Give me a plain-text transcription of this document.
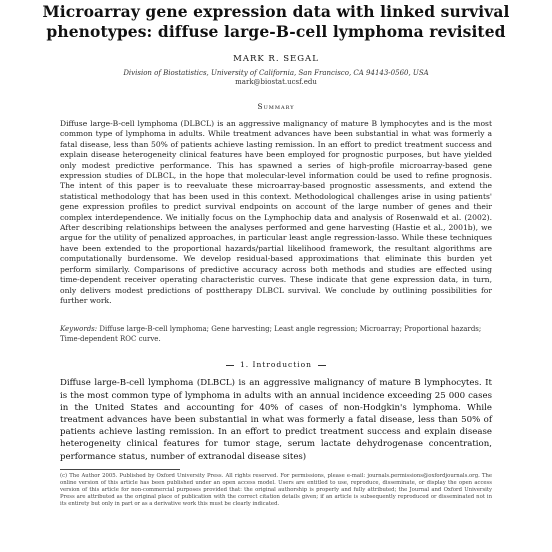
Microarray gene expression data with linked survival
phenotypes: diffuse large-B-cell lymphoma revisited
MARK R. SEGAL
Division of Biostatistics, University of California, San Francisco, CA 94143-0560, USA
mark@biostat.ucsf.edu
Summary

Diffuse large-B-cell lymphoma (DLBCL) is an aggressive malignancy of mature B lymphocytes and is the most common type of lymphoma in adults. While treatment advances have been substantial in what was formerly a fatal disease, less than 50% of patients achieve lasting remission. In an effort to predict treatment success and explain disease heterogeneity clinical features have been employed for prognostic purposes, but have yielded only modest predictive performance. This has spawned a series of high-profile microarray-based gene expression studies of DLBCL, in the hope that molecular-level information could be used to refine prognosis. The intent of this paper is to reevaluate these microarray-based prognostic assessments, and extend the statistical methodology that has been used in this context. Methodological challenges arise in using patients' gene expression profiles to predict survival endpoints on account of the large number of genes and their complex interdependence. We initially focus on the Lymphochip data and analysis of Rosenwald et al. (2002). After describing relationships between the analyses performed and gene harvesting (Hastie et al., 2001b), we argue for the utility of penalized approaches, in particular least angle regression-lasso. While these techniques have been extended to the proportional hazards/partial likelihood framework, the resultant algorithms are computationally burdensome. We develop residual-based approximations that eliminate this burden yet perform similarly. Comparisons of predictive accuracy across both methods and studies are effected using time-dependent receiver operating characteristic curves. These indicate that gene expression data, in turn, only delivers modest predictions of posttherapy DLBCL survival. We conclude by outlining possibilities for further work.

Keywords: Diffuse large-B-cell lymphoma; Gene harvesting; Least angle regression; Microarray; Proportional hazards; Time-dependent ROC curve.
1. Introduction

Diffuse large-B-cell lymphoma (DLBCL) is an aggressive malignancy of mature B lymphocytes. It is the most common type of lymphoma in adults with an annual incidence exceeding 25 000 cases in the United States and accounting for 40% of cases of non-Hodgkin's lymphoma. While treatment advances have been substantial in what was formerly a fatal disease, less than 50% of patients achieve lasting remission. In an effort to predict treatment success and explain disease heterogeneity clinical features for tumor stage, serum lactate dehydrogenase concentration, performance status, number of extranodal disease sites)

(c) The Author 2005. Published by Oxford University Press. All rights reserved. For permissions, please e-mail: journals.permissions@oxfordjournals.org. The online version of this article has been published under an open access model. Users are entitled to use, reproduce, disseminate, or display the open access version of this article for non-commercial purposes provided that: the original authorship is properly and fully attributed; the Journal and Oxford University Press are attributed as the original place of publication with the correct citation details given; if an article is subsequently reproduced or disseminated not in its entirety but only in part or as a derivative work this must be clearly indicated.
